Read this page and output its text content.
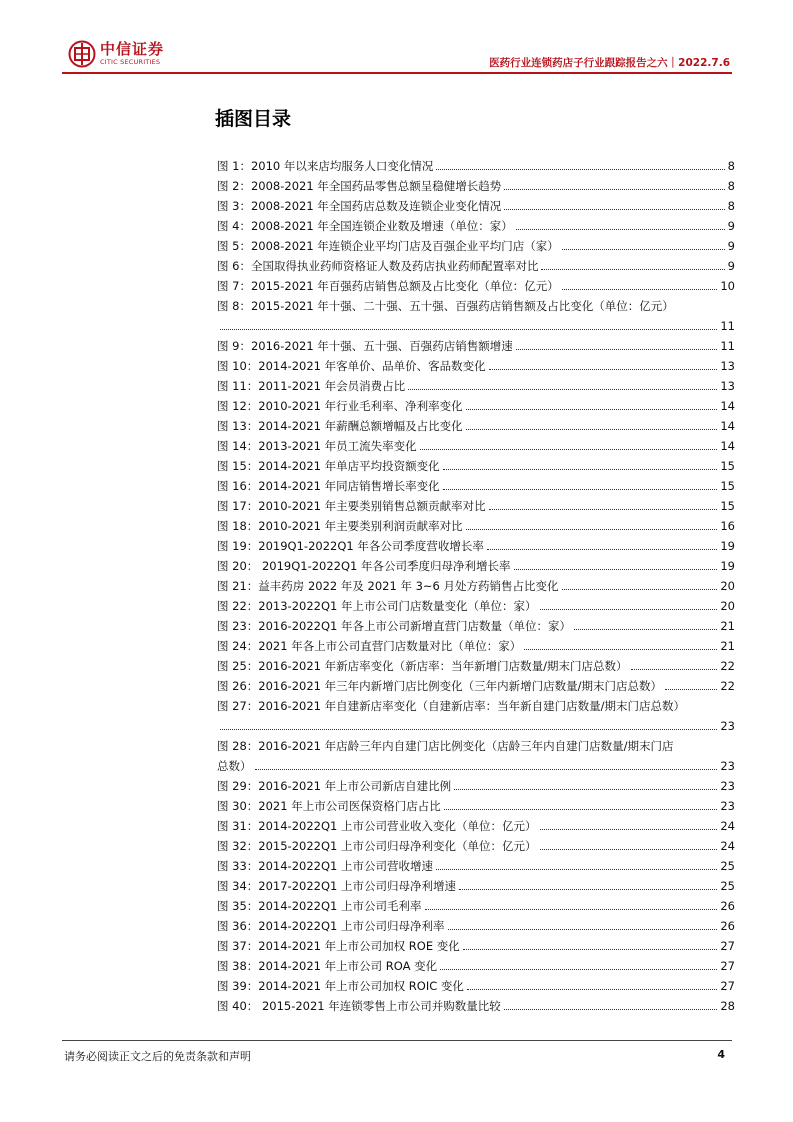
中信证券
CITIC SECURITIES	医药行业连锁药店子行业跟踪报告之六｜2022.7.6
插图目录
图 1：2010 年以来店均服务人口变化情况	8
图 2：2008-2021 年全国药品零售总额呈稳健增长趋势	8
图 3：2008-2021 年全国药店总数及连锁企业变化情况	8
图 4：2008-2021 年全国连锁企业数及增速（单位：家）	9
图 5：2008-2021 年连锁企业平均门店及百强企业平均门店（家）	9
图 6：全国取得执业药师资格证人数及药店执业药师配置率对比	9
图 7：2015-2021 年百强药店销售总额及占比变化（单位：亿元）	10
图 8：2015-2021 年十强、二十强、五十强、百强药店销售额及占比变化（单位：亿元）
11
图 9：2016-2021 年十强、五十强、百强药店销售额增速	11
图 10：2014-2021 年客单价、品单价、客品数变化	13
图 11：2011-2021 年会员消费占比	13
图 12：2010-2021 年行业毛利率、净利率变化	14
图 13：2014-2021 年薪酬总额增幅及占比变化	14
图 14：2013-2021 年员工流失率变化	14
图 15：2014-2021 年单店平均投资额变化	15
图 16：2014-2021 年同店销售增长率变化	15
图 17：2010-2021 年主要类别销售总额贡献率对比	15
图 18：2010-2021 年主要类别利润贡献率对比	16
图 19：2019Q1-2022Q1 年各公司季度营收增长率	19
图 20： 2019Q1-2022Q1 年各公司季度归母净利增长率	19
图 21：益丰药房 2022 年及 2021 年 3~6 月处方药销售占比变化	20
图 22：2013-2022Q1 年上市公司门店数量变化（单位：家）	20
图 23：2016-2022Q1 年各上市公司新增直营门店数量（单位：家）	21
图 24：2021 年各上市公司直营门店数量对比（单位：家）	21
图 25：2016-2021 年新店率变化（新店率：当年新增门店数量/期末门店总数）	22
图 26：2016-2021 年三年内新增门店比例变化（三年内新增门店数量/期末门店总数）	22
图 27：2016-2021 年自建新店率变化（自建新店率：当年新自建门店数量/期末门店总数）
23
图 28：2016-2021 年店龄三年内自建门店比例变化（店龄三年内自建门店数量/期末门店
总数）	23
图 29：2016-2021 年上市公司新店自建比例	23
图 30：2021 年上市公司医保资格门店占比	23
图 31：2014-2022Q1 上市公司营业收入变化（单位：亿元）	24
图 32：2015-2022Q1 上市公司归母净利变化（单位：亿元）	24
图 33：2014-2022Q1 上市公司营收增速	25
图 34：2017-2022Q1 上市公司归母净利增速	25
图 35：2014-2022Q1 上市公司毛利率	26
图 36：2014-2022Q1 上市公司归母净利率	26
图 37：2014-2021 年上市公司加权 ROE 变化	27
图 38：2014-2021 年上市公司 ROA 变化	27
图 39：2014-2021 年上市公司加权 ROIC 变化	27
图 40： 2015-2021 年连锁零售上市公司并购数量比较	28
请务必阅读正文之后的免责条款和声明	4
